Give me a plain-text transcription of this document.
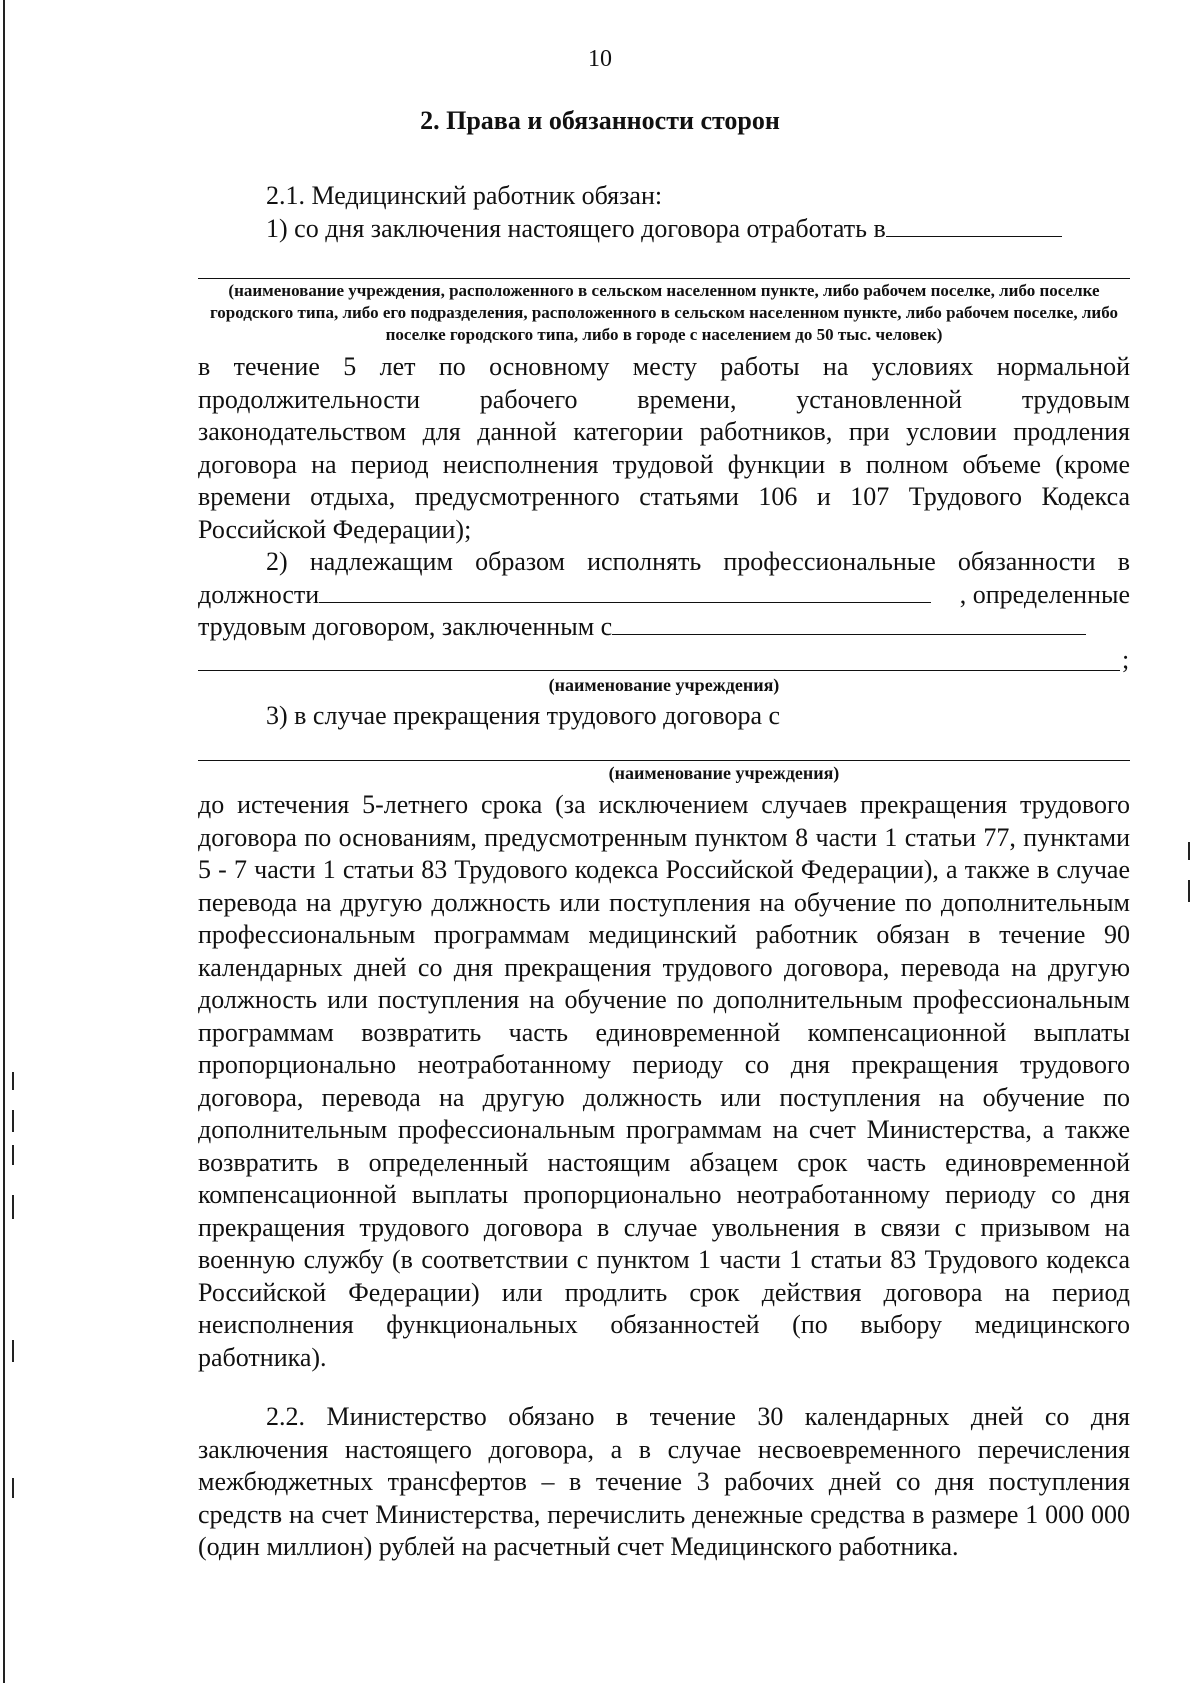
10
2. Права и обязанности сторон
2.1. Медицинский работник обязан:
1) со дня заключения настоящего договора отработать в
(наименование учреждения, расположенного в сельском населенном пункте, либо рабочем поселке, либо поселке городского типа, либо его подразделения, расположенного в сельском населенном пункте, либо рабочем поселке, либо поселке городского типа, либо в городе с населением до 50 тыс. человек)
в течение 5 лет по основному месту работы на условиях нормальной продолжительности рабочего времени, установленной трудовым законодательством для данной категории работников, при условии продления договора на период неисполнения трудовой функции в полном объеме (кроме времени отдыха, предусмотренного статьями 106 и 107 Трудового Кодекса Российской Федерации);
2) надлежащим образом исполнять профессиональные обязанности в
должности	, определенные
трудовым договором, заключенным с
;
(наименование учреждения)
3) в случае прекращения трудового договора с
(наименование учреждения)
до истечения 5-летнего срока (за исключением случаев прекращения трудового договора по основаниям, предусмотренным пунктом 8 части 1 статьи 77, пунктами 5 - 7 части 1 статьи 83 Трудового кодекса Российской Федерации), а также в случае перевода на другую должность или поступления на обучение по дополнительным профессиональным программам медицинский работник обязан в течение 90 календарных дней со дня прекращения трудового договора, перевода на другую должность или поступления на обучение по дополнительным профессиональным программам возвратить часть единовременной компенсационной выплаты пропорционально неотработанному периоду со дня прекращения трудового договора, перевода на другую должность или поступления на обучение по дополнительным профессиональным программам на счет Министерства, а также возвратить в определенный настоящим абзацем срок часть единовременной компенсационной выплаты пропорционально неотработанному периоду со дня прекращения трудового договора в случае увольнения в связи с призывом на военную службу (в соответствии с пунктом 1 части 1 статьи 83 Трудового кодекса Российской Федерации) или продлить срок действия договора на период неисполнения функциональных обязанностей (по выбору медицинского работника).
2.2. Министерство обязано в течение 30 календарных дней со дня заключения настоящего договора, а в случае несвоевременного перечисления межбюджетных трансфертов – в течение 3 рабочих дней со дня поступления средств на счет Министерства, перечислить денежные средства в размере 1 000 000 (один миллион) рублей на расчетный счет Медицинского работника.
